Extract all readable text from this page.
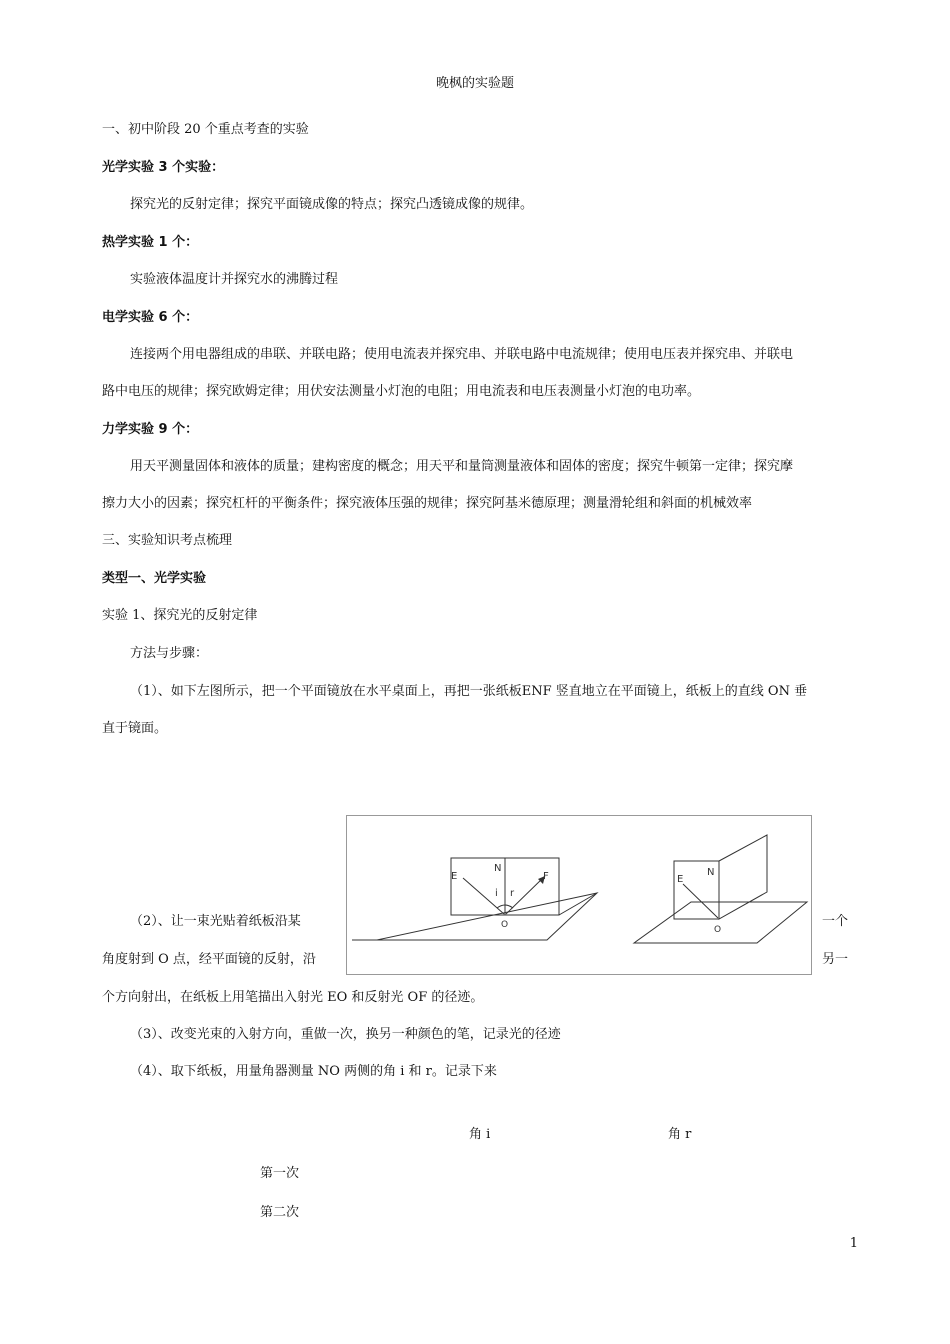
晚枫的实验题
一、初中阶段 20 个重点考查的实验
光学实验 3 个实验：
探究光的反射定律；探究平面镜成像的特点；探究凸透镜成像的规律。
热学实验 1 个：
实验液体温度计并探究水的沸腾过程
电学实验 6 个：
连接两个用电器组成的串联、并联电路；使用电流表并探究串、并联电路中电流规律；使用电压表并探究串、并联电
路中电压的规律；探究欧姆定律；用伏安法测量小灯泡的电阻；用电流表和电压表测量小灯泡的电功率。
力学实验 9 个：
用天平测量固体和液体的质量；建构密度的概念；用天平和量筒测量液体和固体的密度；探究牛顿第一定律；探究摩
擦力大小的因素；探究杠杆的平衡条件；探究液体压强的规律；探究阿基米德原理；测量滑轮组和斜面的机械效率
三、实验知识考点梳理
类型一、光学实验
实验 1、探究光的反射定律
方法与步骤：
（1）、如下左图所示，把一个平面镜放在水平桌面上，再把一张纸板ENF 竖直地立在平面镜上，纸板上的直线 ON 垂
直于镜面。
E
N
F
i r
O
E
N
O
（2）、让一束光贴着纸板沿某	一个
角度射到 O 点，经平面镜的反射，沿	另一
个方向射出，在纸板上用笔描出入射光 EO 和反射光 OF 的径迹。
（3）、改变光束的入射方向，重做一次，换另一种颜色的笔，记录光的径迹
（4）、取下纸板，用量角器测量 NO 两侧的角 i 和 r。记录下来
角 i	角 r
第一次
第二次
1
